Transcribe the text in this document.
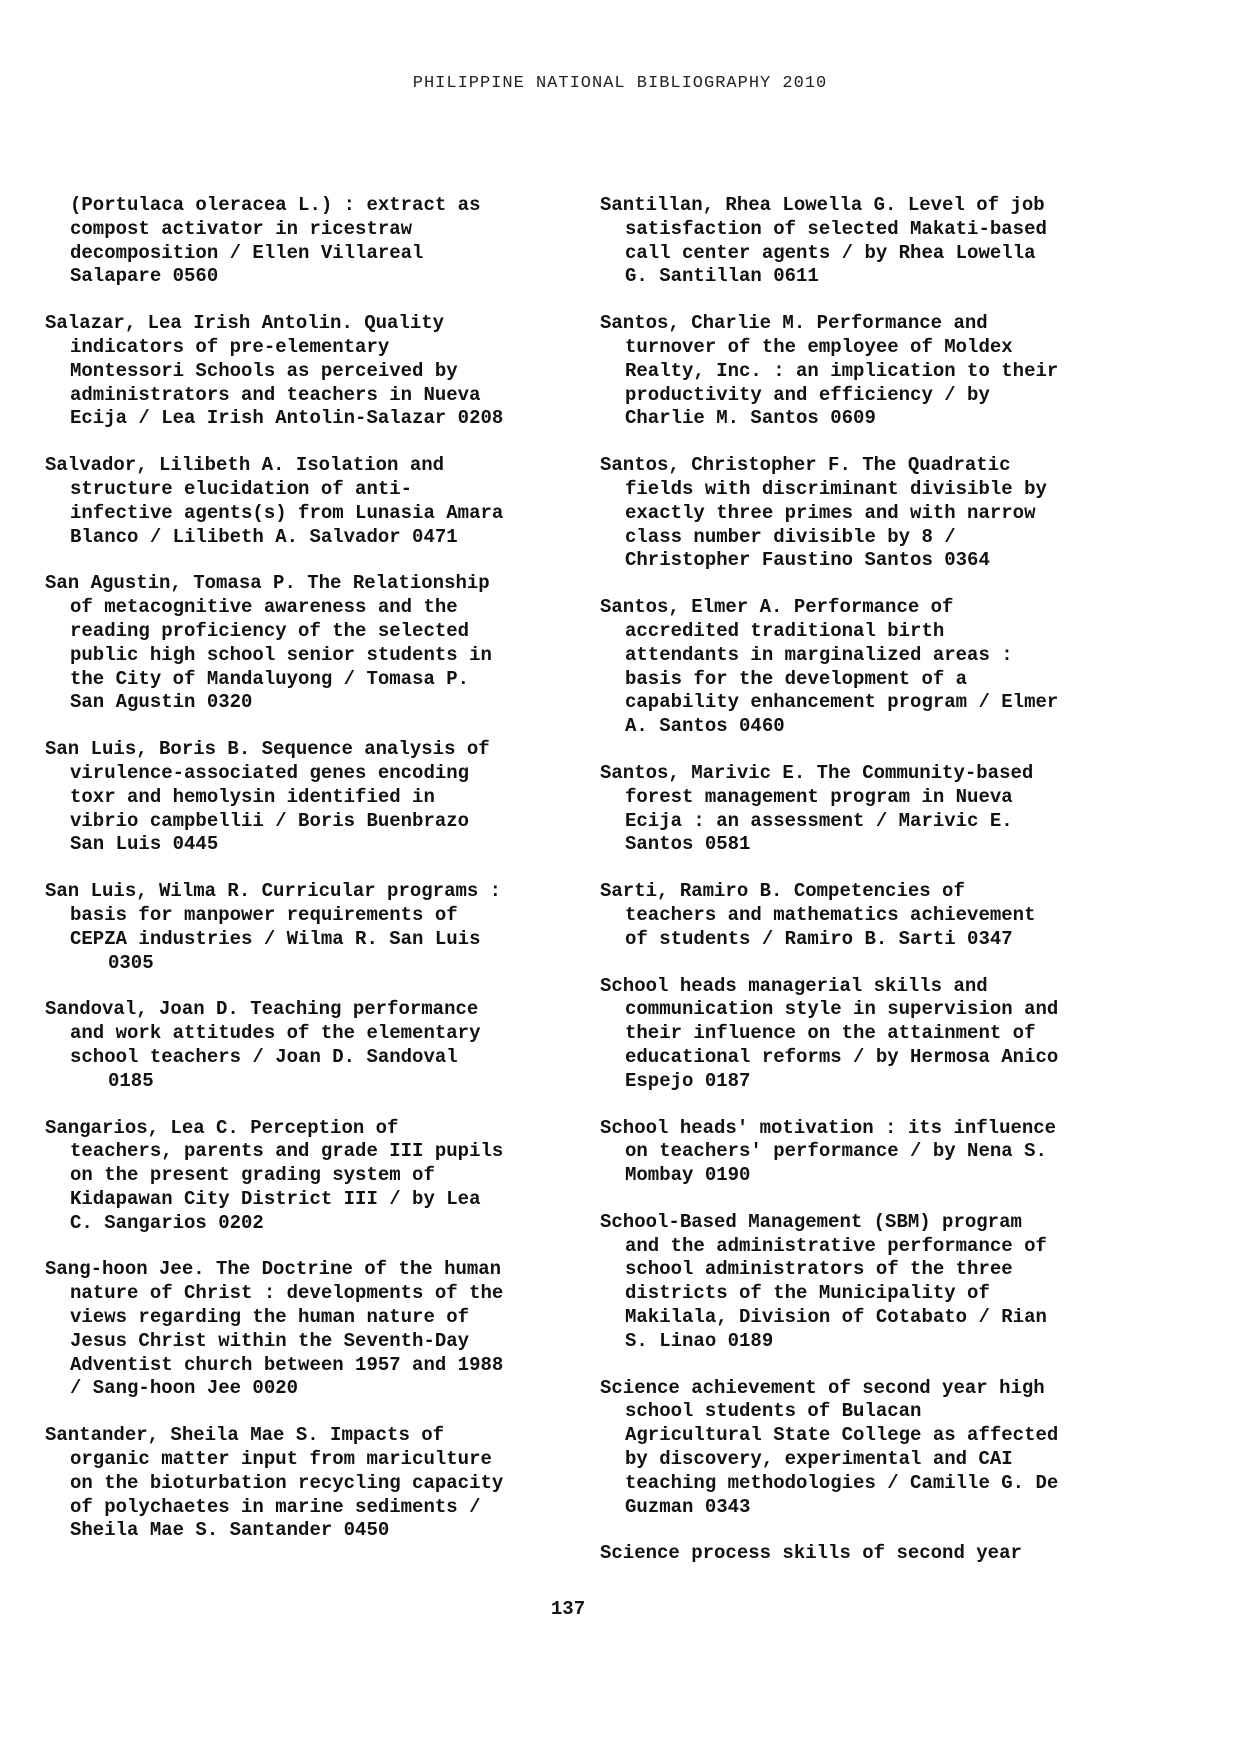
PHILIPPINE NATIONAL BIBLIOGRAPHY 2010
(Portulaca oleracea L.) : extract as
compost activator in ricestraw
decomposition / Ellen Villareal
Salapare 0560
Salazar, Lea Irish Antolin. Quality
indicators of pre-elementary
Montessori Schools as perceived by
administrators and teachers in Nueva
Ecija / Lea Irish Antolin-Salazar 0208
Salvador, Lilibeth A. Isolation and
structure elucidation of anti-
infective agents(s) from Lunasia Amara
Blanco / Lilibeth A. Salvador 0471
San Agustin, Tomasa P. The Relationship
of metacognitive awareness and the
reading proficiency of the selected
public high school senior students in
the City of Mandaluyong / Tomasa P.
San Agustin 0320
San Luis, Boris B. Sequence analysis of
virulence-associated genes encoding
toxr and hemolysin identified in
vibrio campbellii / Boris Buenbrazo
San Luis 0445
San Luis, Wilma R. Curricular programs :
basis for manpower requirements of
CEPZA industries / Wilma R. San Luis
0305
Sandoval, Joan D. Teaching performance
and work attitudes of the elementary
school teachers / Joan D. Sandoval
0185
Sangarios, Lea C. Perception of
teachers, parents and grade III pupils
on the present grading system of
Kidapawan City District III / by Lea
C. Sangarios 0202
Sang-hoon Jee. The Doctrine of the human
nature of Christ : developments of the
views regarding the human nature of
Jesus Christ within the Seventh-Day
Adventist church between 1957 and 1988
/ Sang-hoon Jee 0020
Santander, Sheila Mae S. Impacts of
organic matter input from mariculture
on the bioturbation recycling capacity
of polychaetes in marine sediments /
Sheila Mae S. Santander 0450
Santillan, Rhea Lowella G. Level of job
satisfaction of selected Makati-based
call center agents / by Rhea Lowella
G. Santillan 0611
Santos, Charlie M. Performance and
turnover of the employee of Moldex
Realty, Inc. : an implication to their
productivity and efficiency / by
Charlie M. Santos 0609
Santos, Christopher F. The Quadratic
fields with discriminant divisible by
exactly three primes and with narrow
class number divisible by 8 /
Christopher Faustino Santos 0364
Santos, Elmer A. Performance of
accredited traditional birth
attendants in marginalized areas :
basis for the development of a
capability enhancement program / Elmer
A. Santos 0460
Santos, Marivic E. The Community-based
forest management program in Nueva
Ecija : an assessment / Marivic E.
Santos 0581
Sarti, Ramiro B. Competencies of
teachers and mathematics achievement
of students / Ramiro B. Sarti 0347
School heads managerial skills and
communication style in supervision and
their influence on the attainment of
educational reforms / by Hermosa Anico
Espejo 0187
School heads' motivation : its influence
on teachers' performance / by Nena S.
Mombay 0190
School-Based Management (SBM) program
and the administrative performance of
school administrators of the three
districts of the Municipality of
Makilala, Division of Cotabato / Rian
S. Linao 0189
Science achievement of second year high
school students of Bulacan
Agricultural State College as affected
by discovery, experimental and CAI
teaching methodologies / Camille G. De
Guzman 0343
Science process skills of second year
137
